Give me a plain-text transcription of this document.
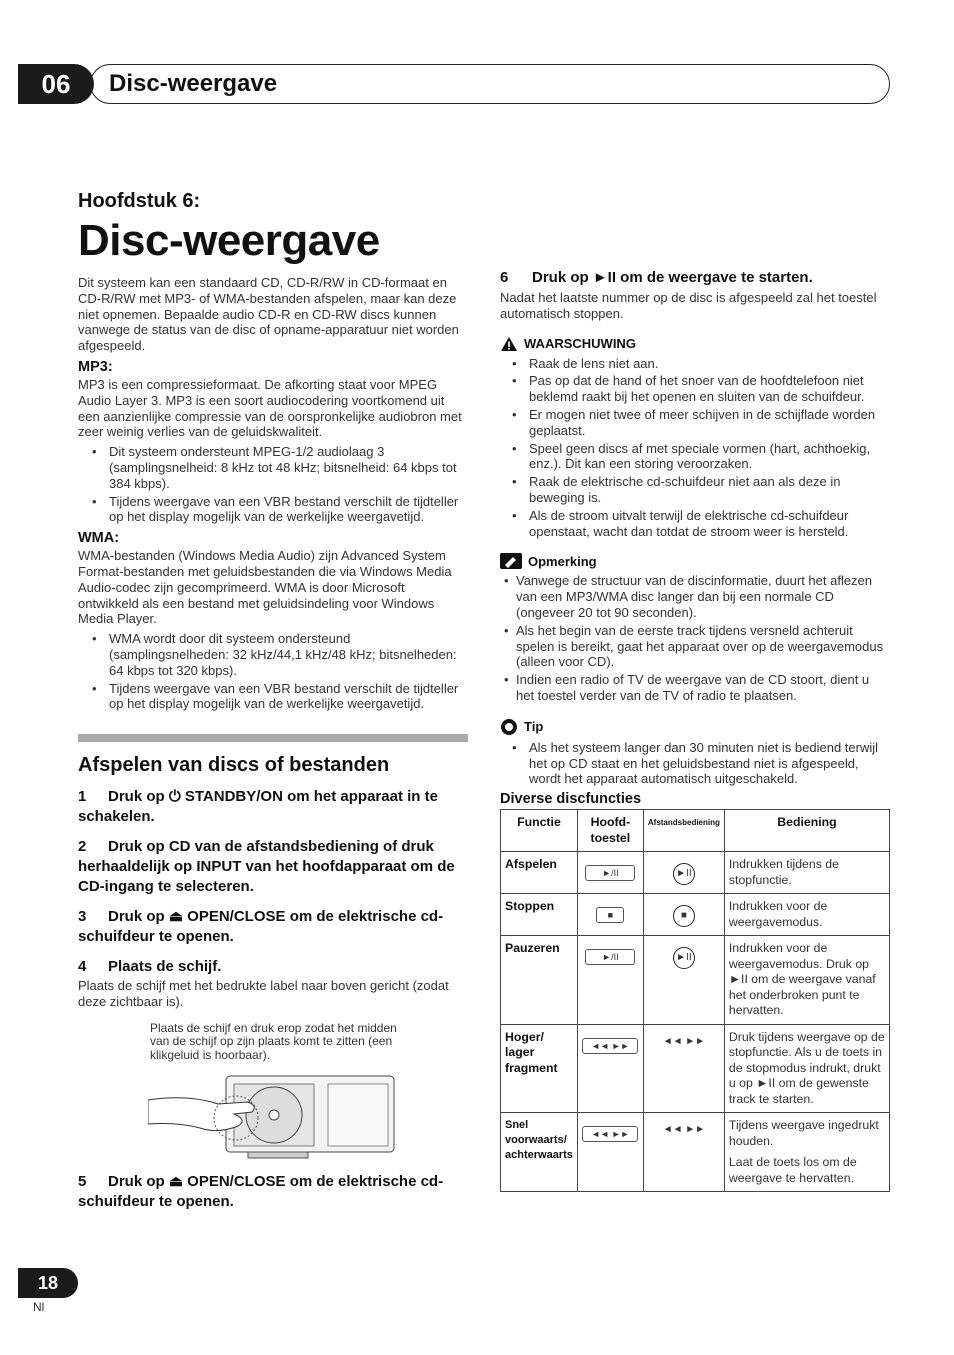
06	Disc-weergave
Hoofdstuk 6:
Disc-weergave

Dit systeem kan een standaard CD, CD-R/RW in CD-formaat en CD-R/RW met MP3- of WMA-bestanden afspelen, maar kan deze niet opnemen. Bepaalde audio CD-R en CD-RW discs kunnen vanwege de status van de disc of opname-apparatuur niet worden afgespeeld.

MP3:

MP3 is een compressieformaat. De afkorting staat voor MPEG Audio Layer 3. MP3 is een soort audiocodering voortkomend uit een aanzienlijke compressie van de oorspronkelijke audiobron met zeer weinig verlies van de geluidskwaliteit.

• Dit systeem ondersteunt MPEG-1/2 audiolaag 3 (samplingsnelheid: 8 kHz tot 48 kHz; bitsnelheid: 64 kbps tot 384 kbps).
• Tijdens weergave van een VBR bestand verschilt de tijdteller op het display mogelijk van de werkelijke weergavetijd.
WMA:

WMA-bestanden (Windows Media Audio) zijn Advanced System Format-bestanden met geluidsbestanden die via Windows Media Audio-codec zijn gecomprimeerd. WMA is door Microsoft ontwikkeld als een bestand met geluidsindeling voor Windows Media Player.

• WMA wordt door dit systeem ondersteund (samplingsnelheden: 32 kHz/44,1 kHz/48 kHz; bitsnelheden: 64 kbps tot 320 kbps).
• Tijdens weergave van een VBR bestand verschilt de tijdteller op het display mogelijk van de werkelijke weergavetijd.
Afspelen van discs of bestanden
1 Druk op ⏻ STANDBY/ON om het apparaat in te schakelen.
2 Druk op CD van de afstandsbediening of druk herhaaldelijk op INPUT van het hoofdapparaat om de CD-ingang te selecteren.
3 Druk op ⏏ OPEN/CLOSE om de elektrische cd-schuifdeur te openen.
4 Plaats de schijf.

Plaats de schijf met het bedrukte label naar boven gericht (zodat deze zichtbaar is).

Plaats de schijf en druk erop zodat het midden van de schijf op zijn plaats komt te zitten (een klikgeluid is hoorbaar).
5 Druk op ⏏ OPEN/CLOSE om de elektrische cd-schuifdeur te openen.
6 Druk op ►II om de weergave te starten.

Nadat het laatste nummer op de disc is afgespeeld zal het toestel automatisch stoppen.

WAARSCHUWING
• Raak de lens niet aan.
• Pas op dat de hand of het snoer van de hoofdtelefoon niet beklemd raakt bij het openen en sluiten van de schuifdeur.
• Er mogen niet twee of meer schijven in de schijflade worden geplaatst.
• Speel geen discs af met speciale vormen (hart, achthoekig, enz.). Dit kan een storing veroorzaken.
• Raak de elektrische cd-schuifdeur niet aan als deze in beweging is.
• Als de stroom uitvalt terwijl de elektrische cd-schuifdeur openstaat, wacht dan totdat de stroom weer is hersteld.
Opmerking
• Vanwege de structuur van de discinformatie, duurt het aflezen van een MP3/WMA disc langer dan bij een normale CD (ongeveer 20 tot 90 seconden).
• Als het begin van de eerste track tijdens versneld achteruit spelen is bereikt, gaat het apparaat over op de weergavemodus (alleen voor CD).
• Indien een radio of TV de weergave van de CD stoort, dient u het toestel verder van de TV of radio te plaatsen.
Tip
• Als het systeem langer dan 30 minuten niet is bediend terwijl het op CD staat en het geluidsbestand niet is afgespeeld, wordt het apparaat automatisch uitgeschakeld.
Diverse discfuncties
Functie	Hoofd-toestel	Afstandsbediening	Bediening
Afspelen	►/II	►II	Indrukken tijdens de stopfunctie.
Stoppen	■	■	Indrukken voor de weergavemodus.
Pauzeren	►/II	►II	Indrukken voor de weergavemodus. Druk op ►II om de weergave vanaf het onderbroken punt te hervatten.
Hoger/ lager fragment	◄◄ ►►	◄◄ ►►	Druk tijdens weergave op de stopfunctie. Als u de toets in de stopmodus indrukt, drukt u op ►II om de gewenste track te starten.
Snel voorwaarts/ achterwaarts	◄◄ ►►	◄◄ ►►	Tijdens weergave ingedrukt houden.
Laat de toets los om de weergave te hervatten.
18
Nl
